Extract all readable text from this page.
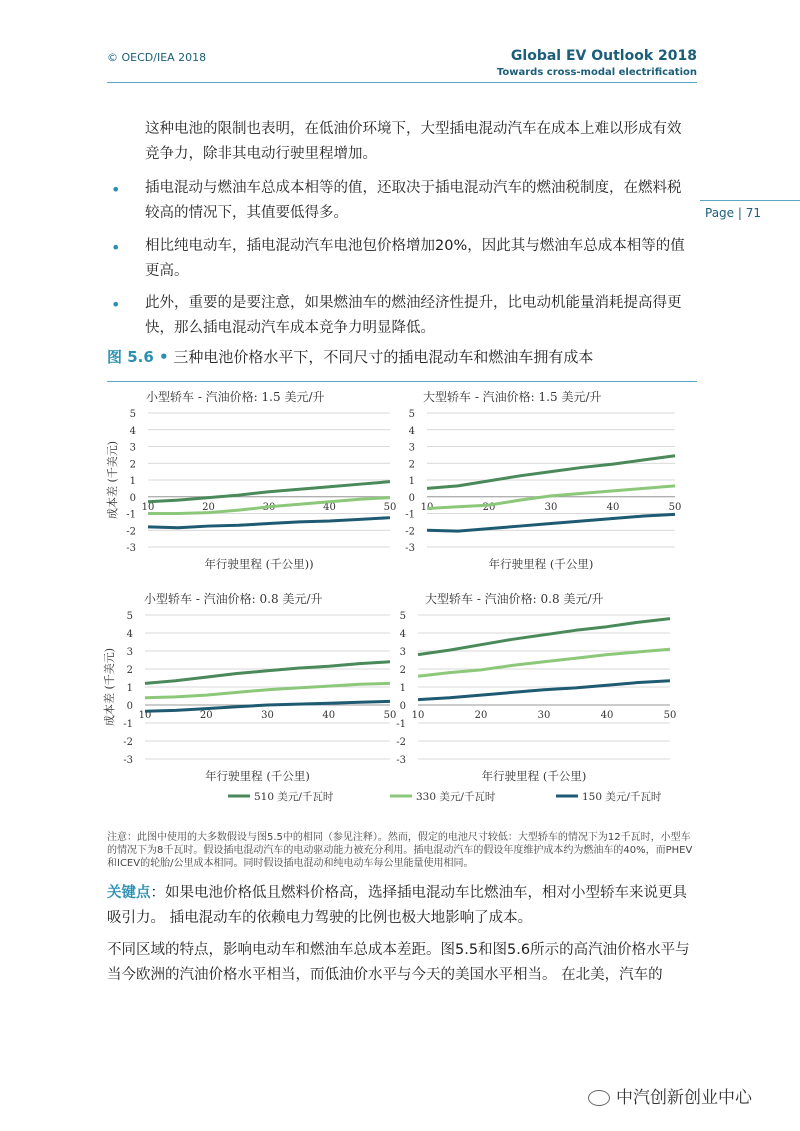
© OECD/IEA 2018	Global EV Outlook 2018
Towards cross-modal electrification
Page | 71
这种电池的限制也表明，在低油价环境下，大型插电混动汽车在成本上难以形成有效竞争力，除非其电动行驶里程增加。
• 插电混动与燃油车总成本相等的值，还取决于插电混动汽车的燃油税制度，在燃料税较高的情况下，其值要低得多。
• 相比纯电动车，插电混动汽车电池包价格增加20%，因此其与燃油车总成本相等的值更高。
• 此外，重要的是要注意，如果燃油车的燃油经济性提升，比电动机能量消耗提高得更快，那么插电混动汽车成本竞争力明显降低。
图 5.6 • 三种电池价格水平下，不同尺寸的插电混动车和燃油车拥有成本
小型轿车 - 汽油价格: 1.5 美元/升
5
4
3
2
1
0
-1
-2
-3
10	20	30	40	50
成本差 (千美元)
年行驶里程 (千公里))
大型轿车 - 汽油价格: 1.5 美元/升
5
4
3
2
1
0
-1
-2
-3
10	20	30	40	50
年行驶里程 (千公里)
小型轿车 - 汽油价格: 0.8 美元/升
5
4
3
2
1
0
-1
-2
-3
10	20	30	40	50
成本差 (千美元)
年行驶里程 (千公里)
大型轿车 - 汽油价格: 0.8 美元/升
5
4
3
2
1
0
-1
-2
-3
10	20	30	40	50
年行驶里程 (千公里)
510 美元/千瓦时	330 美元/千瓦时	150 美元/千瓦时
注意：此图中使用的大多数假设与图5.5中的相同（参见注释）。然而，假定的电池尺寸较低：大型轿车的情况下为12千瓦时，小型车的情况下为8千瓦时。假设插电混动汽车的电动驱动能力被充分利用。插电混动汽车的假设年度维护成本约为燃油车的40%，而PHEV和ICEV的轮胎/公里成本相同。同时假设插电混动和纯电动车每公里能量使用相同。
关键点：如果电池价格低且燃料价格高，选择插电混动车比燃油车，相对小型轿车来说更具吸引力。 插电混动车的依赖电力驾驶的比例也极大地影响了成本。
不同区域的特点，影响电动车和燃油车总成本差距。图5.5和图5.6所示的高汽油价格水平与当今欧洲的汽油价格水平相当，而低油价水平与今天的美国水平相当。 在北美，汽车的
中汽创新创业中心
